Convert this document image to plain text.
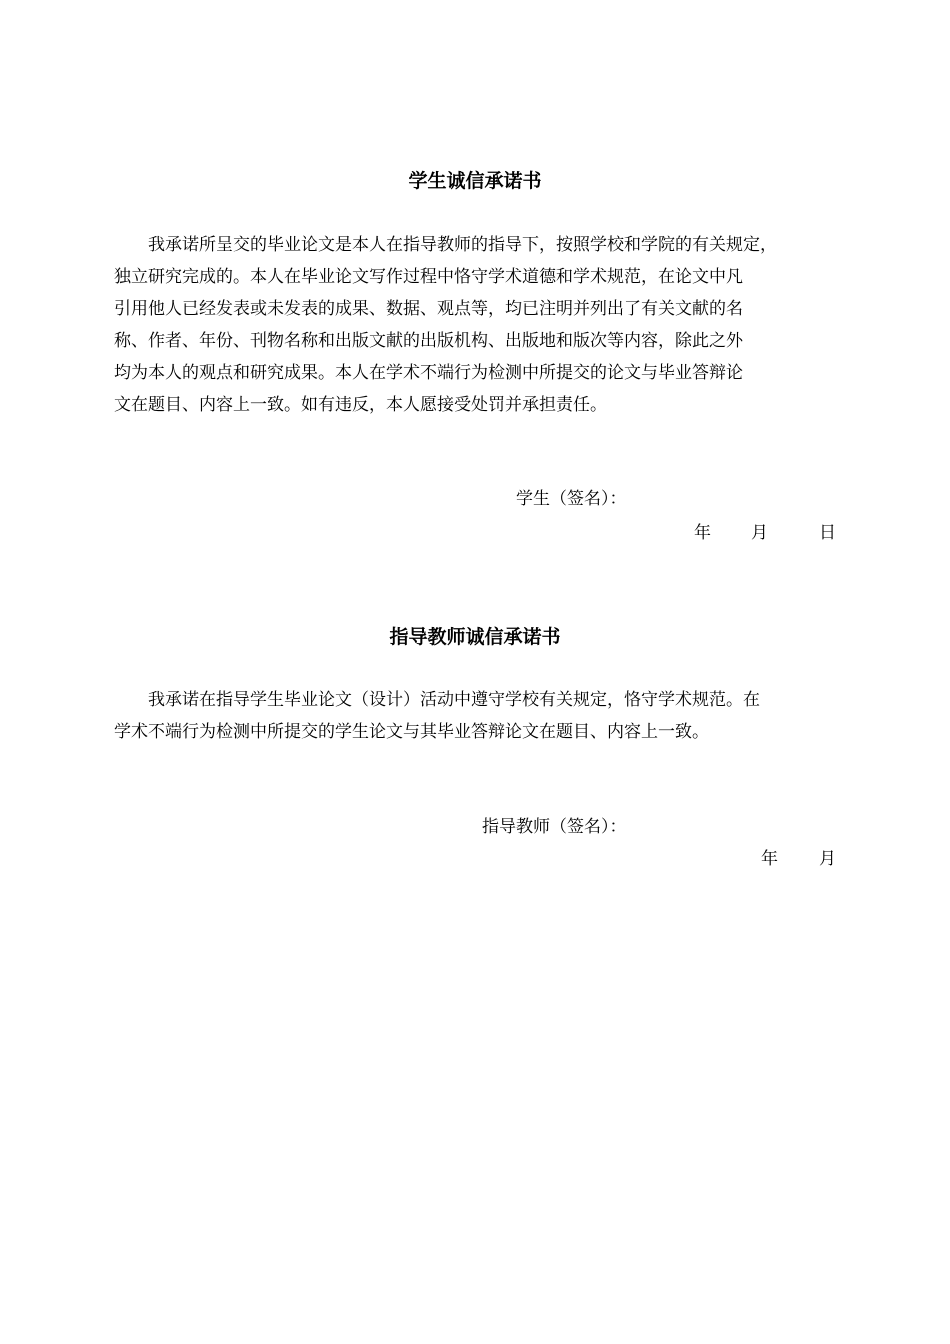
学生诚信承诺书
我承诺所呈交的毕业论文是本人在指导教师的指导下，按照学校和学院的有关规定，
独立研究完成的。本人在毕业论文写作过程中恪守学术道德和学术规范，在论文中凡
引用他人已经发表或未发表的成果、数据、观点等，均已注明并列出了有关文献的名
称、作者、年份、刊物名称和出版文献的出版机构、出版地和版次等内容，除此之外
均为本人的观点和研究成果。本人在学术不端行为检测中所提交的论文与毕业答辩论
文在题目、内容上一致。如有违反，本人愿接受处罚并承担责任。
学生（签名）：
年 月	日
指导教师诚信承诺书
我承诺在指导学生毕业论文（设计）活动中遵守学校有关规定，恪守学术规范。在
学术不端行为检测中所提交的学生论文与其毕业答辩论文在题目、内容上一致。
指导教师（签名）：
年 月
